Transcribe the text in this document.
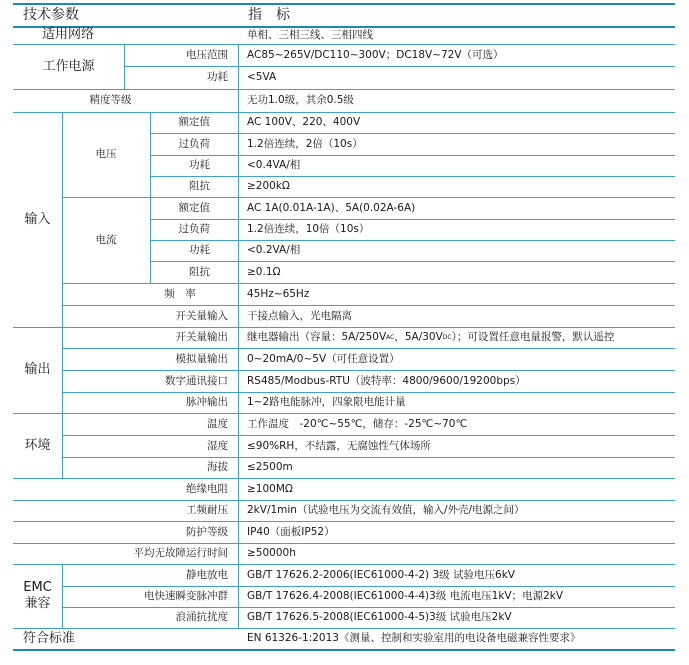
技术参数	指　标
适用网络	单相、三相三线、三相四线
工作电源
电压范围	AC85~265V/DC110~300V；DC18V~72V（可选）
功耗	<5VA
精度等级	无功1.0级，其余0.5级
输入
电压
额定值	AC 100V、220、400V
过负荷	1.2倍连续，2倍（10s）
功耗	<0.4VA/相
阻抗	≥200kΩ
电流
额定值	AC 1A(0.01A-1A)、5A(0.02A-6A)
过负荷	1.2倍连续，10倍（10s）
功耗	<0.2VA/相
阻抗	≥0.1Ω
频　率	45Hz~65Hz
开关量输入	干接点输入，光电隔离
输出
开关量输出	继电器输出（容量：5A/250V AC ，5A/30V DC ）；可设置任意电量报警，默认遥控
模拟量输出	0~20mA/0~5V（可任意设置）
数字通讯接口	RS485/Modbus-RTU（波特率：4800/9600/19200bps）
脉冲输出	1~2路电能脉冲，四象限电能计量
环境
温度	工作温度　-20℃~55℃，储存：-25℃~70℃
湿度	≤90%RH，不结露，无腐蚀性气体场所
海拔	≤2500m
绝缘电阻	≥100MΩ
工频耐压	2kV/1min（试验电压为交流有效值，输入/外壳/电源之间）
防护等级	IP40（面板IP52）
平均无故障运行时间	≥50000h
EMC
兼容
静电放电	GB/T 17626.2-2006(IEC61000-4-2) 3级 试验电压6kV
电快速瞬变脉冲群	GB/T 17626.4-2008(IEC61000-4-4)3级 电流电压1kV；电源2kV
浪涌抗扰度	GB/T 17626.5-2008(IEC61000-4-5)3级 试验电压2kV
符合标准	EN 61326-1:2013《测量、控制和实验室用的电设备电磁兼容性要求》
